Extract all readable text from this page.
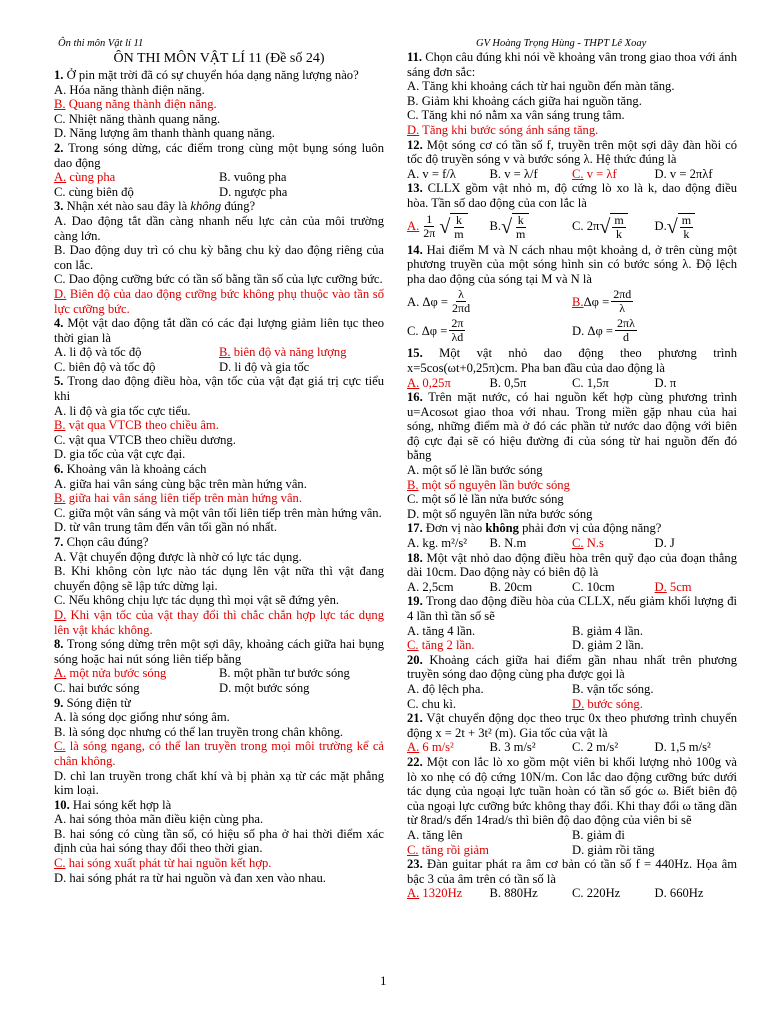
Ôn thi môn Vật lí 11	GV Hoàng Trọng Hùng - THPT Lê Xoay
ÔN THI MÔN VẬT LÍ 11 (Đề số 24)

1. Ở pin mặt trời đã có sự chuyển hóa dạng năng lượng nào?

A. Hóa năng thành điện năng.

B. Quang năng thành điện năng.

C. Nhiệt năng thành quang năng.

D. Năng lượng âm thanh thành quang năng.

2. Trong sóng dừng, các điểm trong cùng một bụng sóng luôn dao động

A. cùng pha	B. vuông pha
C. cùng biên độ	D. ngược pha

3. Nhận xét nào sau đây là không đúng?

A. Dao động tắt dần càng nhanh nếu lực cản của môi trường càng lớn.

B. Dao động duy trì có chu kỳ bằng chu kỳ dao động riêng của con lắc.

C. Dao động cưỡng bức có tần số bằng tần số của lực cưỡng bức.

D. Biên độ của dao động cưỡng bức không phụ thuộc vào tần số lực cưỡng bức.

4. Một vật dao động tắt dần có các đại lượng giảm liên tục theo thời gian là

A. li độ và tốc độ	B. biên độ và năng lượng
C. biên độ và tốc độ	D. li độ và gia tốc

5. Trong dao động điều hòa, vận tốc của vật đạt giá trị cực tiểu khi

A. li độ và gia tốc cực tiểu.

B. vật qua VTCB theo chiều âm.

C. vật qua VTCB theo chiều dương.

D. gia tốc của vật cực đại.

6. Khoảng vân là khoảng cách

A. giữa hai vân sáng cùng bậc trên màn hứng vân.

B. giữa hai vân sáng liên tiếp trên màn hứng vân.

C. giữa một vân sáng và một vân tối liên tiếp trên màn hứng vân.

D. từ vân trung tâm đến vân tối gần nó nhất.

7. Chọn câu đúng?

A. Vật chuyển động được là nhờ có lực tác dụng.

B. Khi không còn lực nào tác dụng lên vật nữa thì vật đang chuyển động sẽ lập tức dừng lại.

C. Nếu không chịu lực tác dụng thì mọi vật sẽ đứng yên.

D. Khi vận tốc của vật thay đổi thì chắc chắn hợp lực tác dụng lên vật khác không.

8. Trong sóng dừng trên một sợi dây, khoảng cách giữa hai bụng sóng hoặc hai nút sóng liên tiếp bằng

A. một nửa bước sóng	B. một phần tư bước sóng
C. hai bước sóng	D. một bước sóng

9. Sóng điện từ

A. là sóng dọc giống như sóng âm.

B. là sóng dọc nhưng có thể lan truyền trong chân không.

C. là sóng ngang, có thể lan truyền trong mọi môi trường kể cả chân không.

D. chỉ lan truyền trong chất khí và bị phản xạ từ các mặt phẳng kim loại.

10. Hai sóng kết hợp là

A. hai sóng thỏa mãn điều kiện cùng pha.

B. hai sóng có cùng tần số, có hiệu số pha ở hai thời điểm xác định của hai sóng thay đổi theo thời gian.

C. hai sóng xuất phát từ hai nguồn kết hợp.

D. hai sóng phát ra từ hai nguồn và đan xen vào nhau.

11. Chọn câu đúng khi nói về khoảng vân trong giao thoa với ánh sáng đơn sắc:

A. Tăng khi khoảng cách từ hai nguồn đến màn tăng.

B. Giảm khi khoảng cách giữa hai nguồn tăng.

C. Tăng khi nó nằm xa vân sáng trung tâm.

D. Tăng khi bước sóng ánh sáng tăng.

12. Một sóng cơ có tần số f, truyền trên một sợi dây đàn hồi có tốc độ truyền sóng v và bước sóng λ. Hệ thức đúng là

A. v = f/λ	B. v = λ/f	C. v = λf	D. v = 2πλf

13. CLLX gồm vật nhỏ m, độ cứng lò xo là k, dao động điều hòa. Tần số dao động của con lắc là

A. $\frac{1}{2\pi}$ √ $\frac{k}{m} B$. √ $\frac{k}{m}$	C. 2π √ $\frac{m}{k} D$. √ $\frac{m}{k}$

14. Hai điểm M và N cách nhau một khoảng d, ở trên cùng một phương truyền của một sóng hình sin có bước sóng λ. Độ lệch pha dao động của sóng tại M và N là

A. $\Delta\varphi = \frac{\lambda}{2\pi d}$	B. $\Delta\varphi = \frac{2\pi d}{\lambda}$
C. $\Delta\varphi = \frac{2\pi}{\lambda d}$	D. $\Delta\varphi = \frac{2\pi\lambda}{d}$

15. Một vật nhỏ dao động theo phương trình x=5cos(ωt+0,25π)cm. Pha ban đầu của dao động là

A. 0,25π	B. 0,5π	C. 1,5π	D. π

16. Trên mặt nước, có hai nguồn kết hợp cùng phương trình u=Acosωt giao thoa với nhau. Trong miền gặp nhau của hai sóng, những điểm mà ở đó các phần tử nước dao động với biên độ cực đại sẽ có hiệu đường đi của sóng từ hai nguồn đến đó bằng

A. một số lẻ lần bước sóng

B. một số nguyên lần bước sóng

C. một số lẻ lần nửa bước sóng

D. một số nguyên lần nửa bước sóng

17. Đơn vị nào không phải đơn vị của động năng?

A. kg. m²/s²	B. N.m	C. N.s	D. J

18. Một vật nhỏ dao động điều hòa trên quỹ đạo của đoạn thẳng dài 10cm. Dao động này có biên độ là

A. 2,5cm	B. 20cm	C. 10cm	D. 5cm

19. Trong dao động điều hòa của CLLX, nếu giảm khối lượng đi 4 lần thì tần số sẽ

A. tăng 4 lần.	B. giảm 4 lần.
C. tăng 2 lần.	D. giảm 2 lần.

20. Khoảng cách giữa hai điểm gần nhau nhất trên phương truyền sóng dao động cùng pha được gọi là

A. độ lệch pha.	B. vận tốc sóng.
C. chu kì.	D. bước sóng.

21. Vật chuyển động dọc theo trục 0x theo phương trình chuyển động x = 2t + 3t² (m). Gia tốc của vật là

A. 6 m/s²	B. 3 m/s²	C. 2 m/s²	D. 1,5 m/s²

22. Một con lắc lò xo gồm một viên bi khối lượng nhỏ 100g và lò xo nhẹ có độ cứng 10N/m. Con lắc dao động cưỡng bức dưới tác dụng của ngoại lực tuần hoàn có tần số góc ω. Biết biên độ của ngoại lực cưỡng bức không thay đổi. Khi thay đổi ω tăng dần từ 8rad/s đến 14rad/s thì biên độ dao động của viên bi sẽ

A. tăng lên	B. giảm đi
C. tăng rồi giảm	D. giảm rồi tăng

23. Đàn guitar phát ra âm cơ bản có tần số f = 440Hz. Họa âm bậc 3 của âm trên có tần số là

A. 1320Hz	B. 880Hz	C. 220Hz	D. 660Hz
1
